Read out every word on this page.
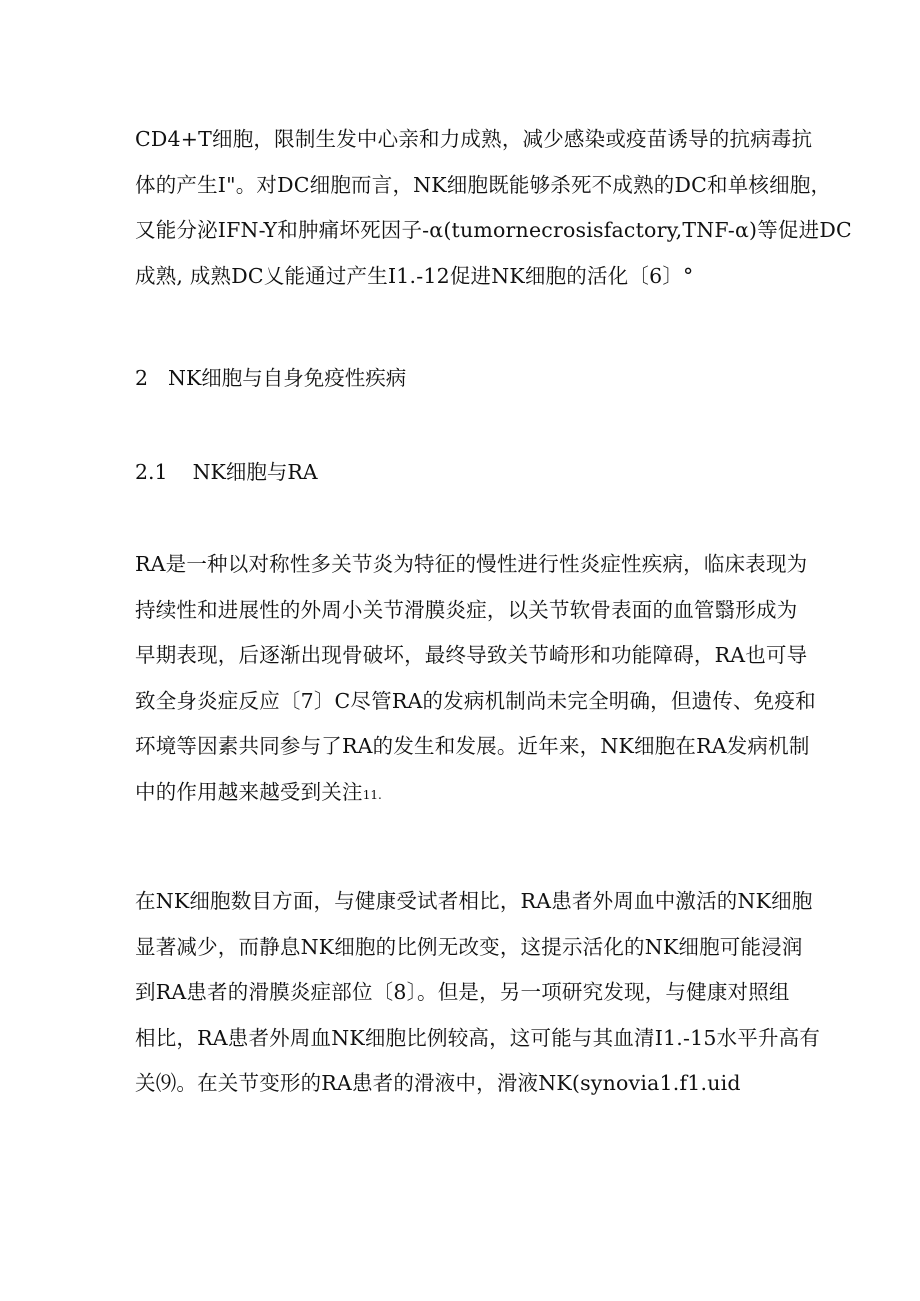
CD4+T细胞，限制生发中心亲和力成熟，减少感染或疫苗诱导的抗病毒抗
体的产生I"。对DC细胞而言，NK细胞既能够杀死不成熟的DC和单核细胞，
又能分泌IFN-Y和肿痛坏死因子-α(tumornecrosisfactory,TNF-α)等促进DC
成熟, 成熟DC乂能通过产生I1.-12促进NK细胞的活化〔6〕°

2 NK细胞与自身免疫性疾病
2.1 NK细胞与RA

RA是一种以对称性多关节炎为特征的慢性进行性炎症性疾病，临床表现为
持续性和进展性的外周小关节滑膜炎症，以关节软骨表面的血管翳形成为
早期表现，后逐渐出现骨破坏，最终导致关节崎形和功能障碍，RA也可导
致全身炎症反应〔7〕C尽管RA的发病机制尚未完全明确，但遗传、免疫和
环境等因素共同参与了RA的发生和发展。近年来，NK细胞在RA发病机制
中的作用越来越受到关注11.

在NK细胞数目方面，与健康受试者相比，RA患者外周血中激活的NK细胞
显著减少，而静息NK细胞的比例无改变，这提示活化的NK细胞可能浸润
到RA患者的滑膜炎症部位〔8〕。但是，另一项研究发现，与健康对照组
相比，RA患者外周血NK细胞比例较高，这可能与其血清I1.-15水平升高有
关⑼。在关节变形的RA患者的滑液中，滑液NK(synovia1.f1.uid
